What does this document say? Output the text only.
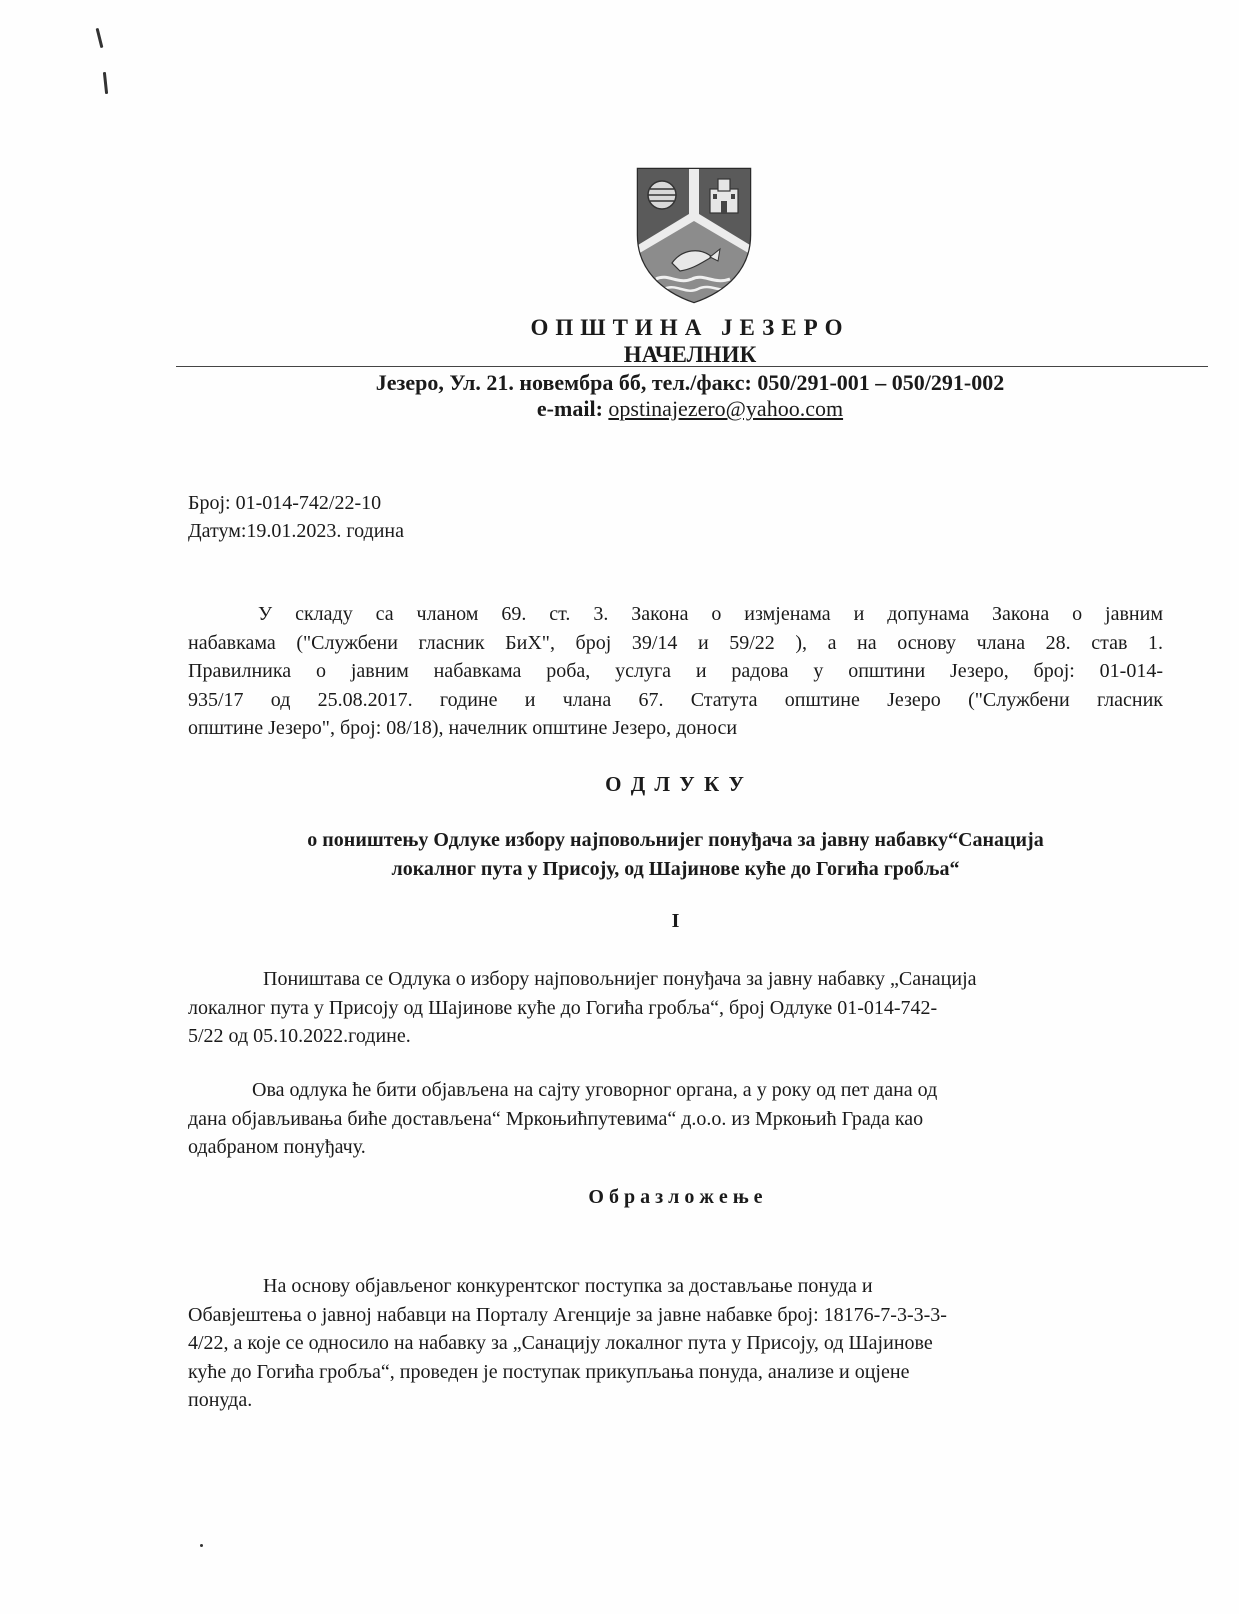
ОПШТИНА ЈЕЗЕРО
НАЧЕЛНИК
Језеро, Ул. 21. новембра бб, тел./факс: 050/291-001 – 050/291-002
e-mail: opstinajezero@yahoo.com
Број: 01-014-742/22-10
Датум:19.01.2023. година
У складу са чланом 69. ст. 3. Закона о измјенама и допунама Закона о јавним
набавкама ("Службени гласник БиХ", број 39/14 и 59/22 ), а на основу члана 28. став 1.
Правилника о јавним набавкама роба, услуга и радова у општини Језеро, број: 01-014-
935/17 од 25.08.2017. године и члана 67. Статута општине Језеро ("Службени гласник
општине Језеро", број: 08/18), начелник општине Језеро, доноси
О Д Л У К У
о поништењу Одлуке избору најповољнијег понуђача за јавну набавку“Санација
локалног пута у Присоју, од Шајинове куће до Гогића гробља“
I
Поништава се Одлука о избору најповољнијег понуђача за јавну набавку „Санација
локалног пута у Присоју од Шајинове куће до Гогића гробља“, број Одлуке 01-014-742-
5/22 од 05.10.2022.године.
Ова одлука ће бити објављена на сајту уговорног органа, а у року од пет дана од
дана објављивања биће достављена“ Мркоњићпутевима“ д.о.о. из Мркоњић Града као
одабраном понуђачу.
О б р а з л о ж е њ е
На основу објављеног конкурентског поступка за достављање понуда и
Обавјештења о јавној набавци на Порталу Агенције за јавне набавке број: 18176-7-3-3-3-
4/22, а које се односило на набавку за „Санацију локалног пута у Присоју, од Шајинове
куће до Гогића гробља“, проведен је поступак прикупљања понуда, анализе и оцјене
понуда.
